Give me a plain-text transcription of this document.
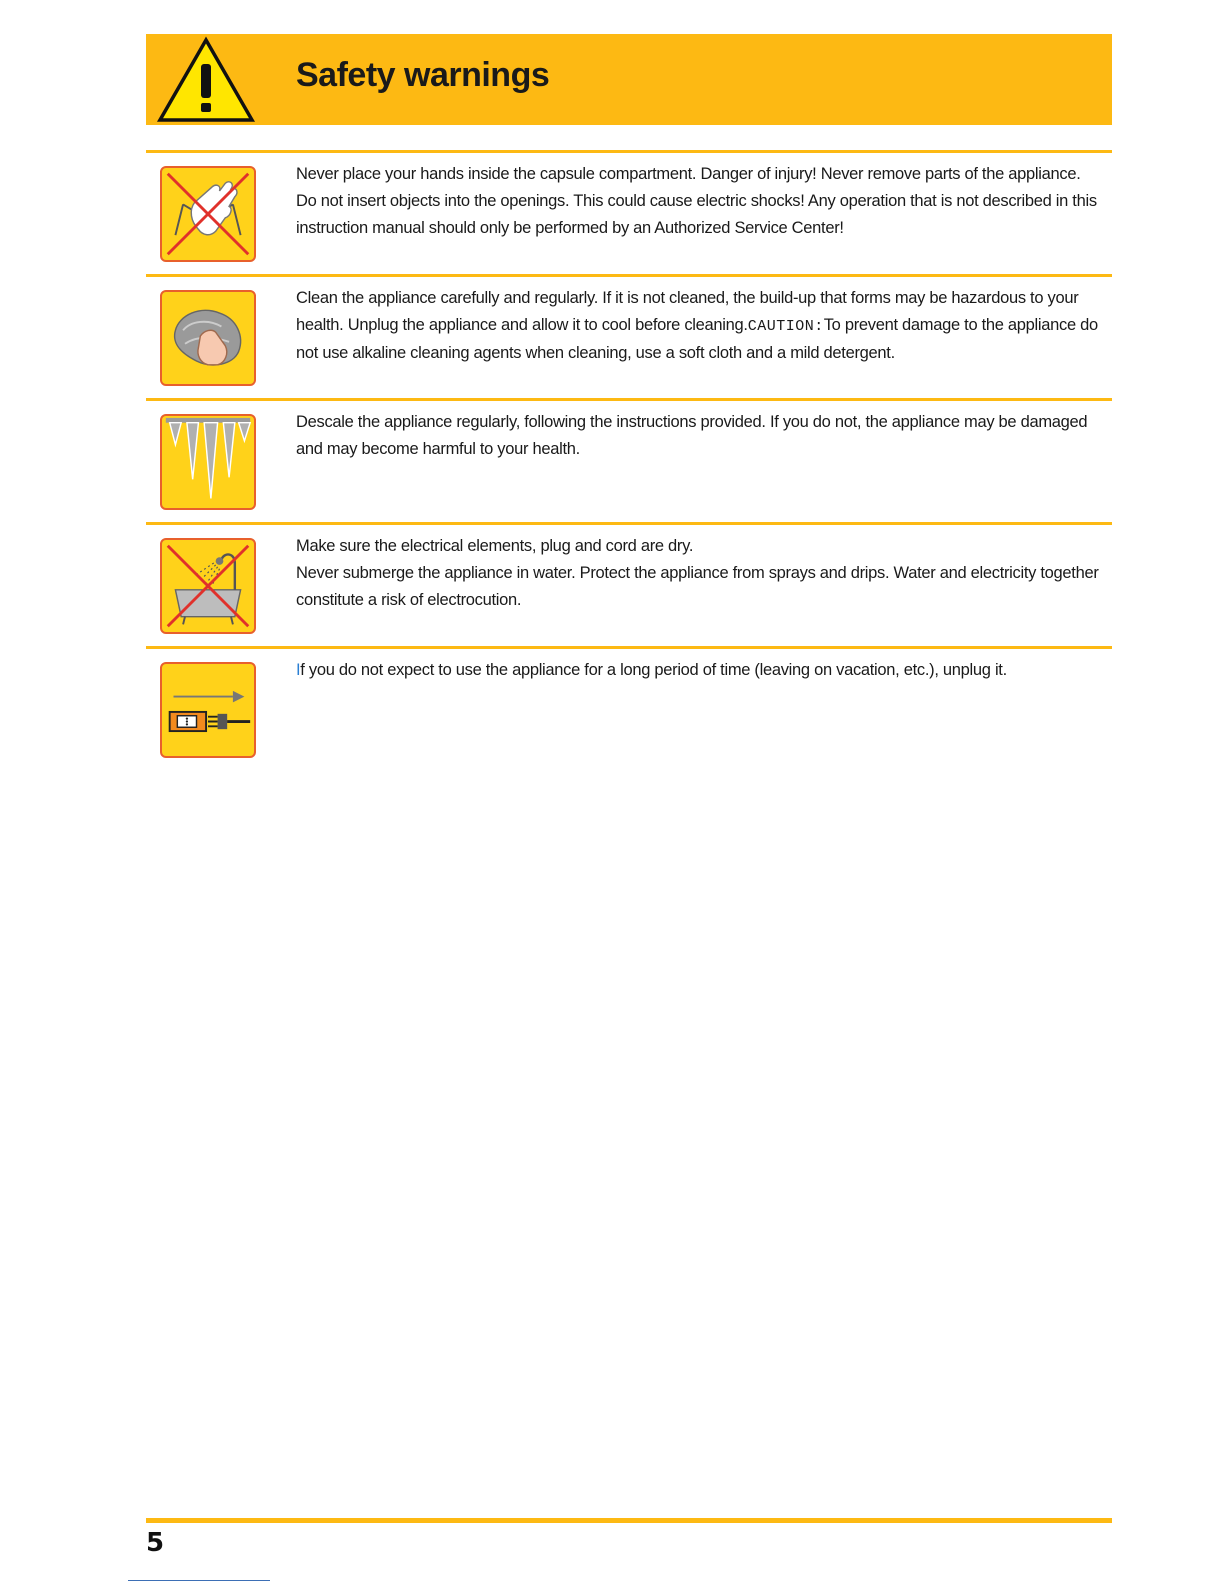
Safety warnings

Never place your hands inside the capsule compartment. Danger of injury! Never remove parts of the appliance.

Do not insert objects into the openings. This could cause electric shocks! Any operation that is not described in this instruction manual should only be performed by an Authorized Service Center!

Clean the appliance carefully and regularly. If it is not cleaned, the build-up that forms may be hazardous to your health. Unplug the appliance and allow it to cool before cleaning.CAUTION:To prevent damage to the appliance do not use alkaline cleaning agents when cleaning, use a soft cloth and a mild detergent.

Descale the appliance regularly, following the instructions provided. If you do not, the appliance may be damaged and may become harmful to your health.

Make sure the electrical elements, plug and cord are dry.

Never submerge the appliance in water. Protect the appliance from sprays and drips. Water and electricity together constitute a risk of electrocution.

If you do not expect to use the appliance for a long period of time (leaving on vacation, etc.), unplug it.

5
